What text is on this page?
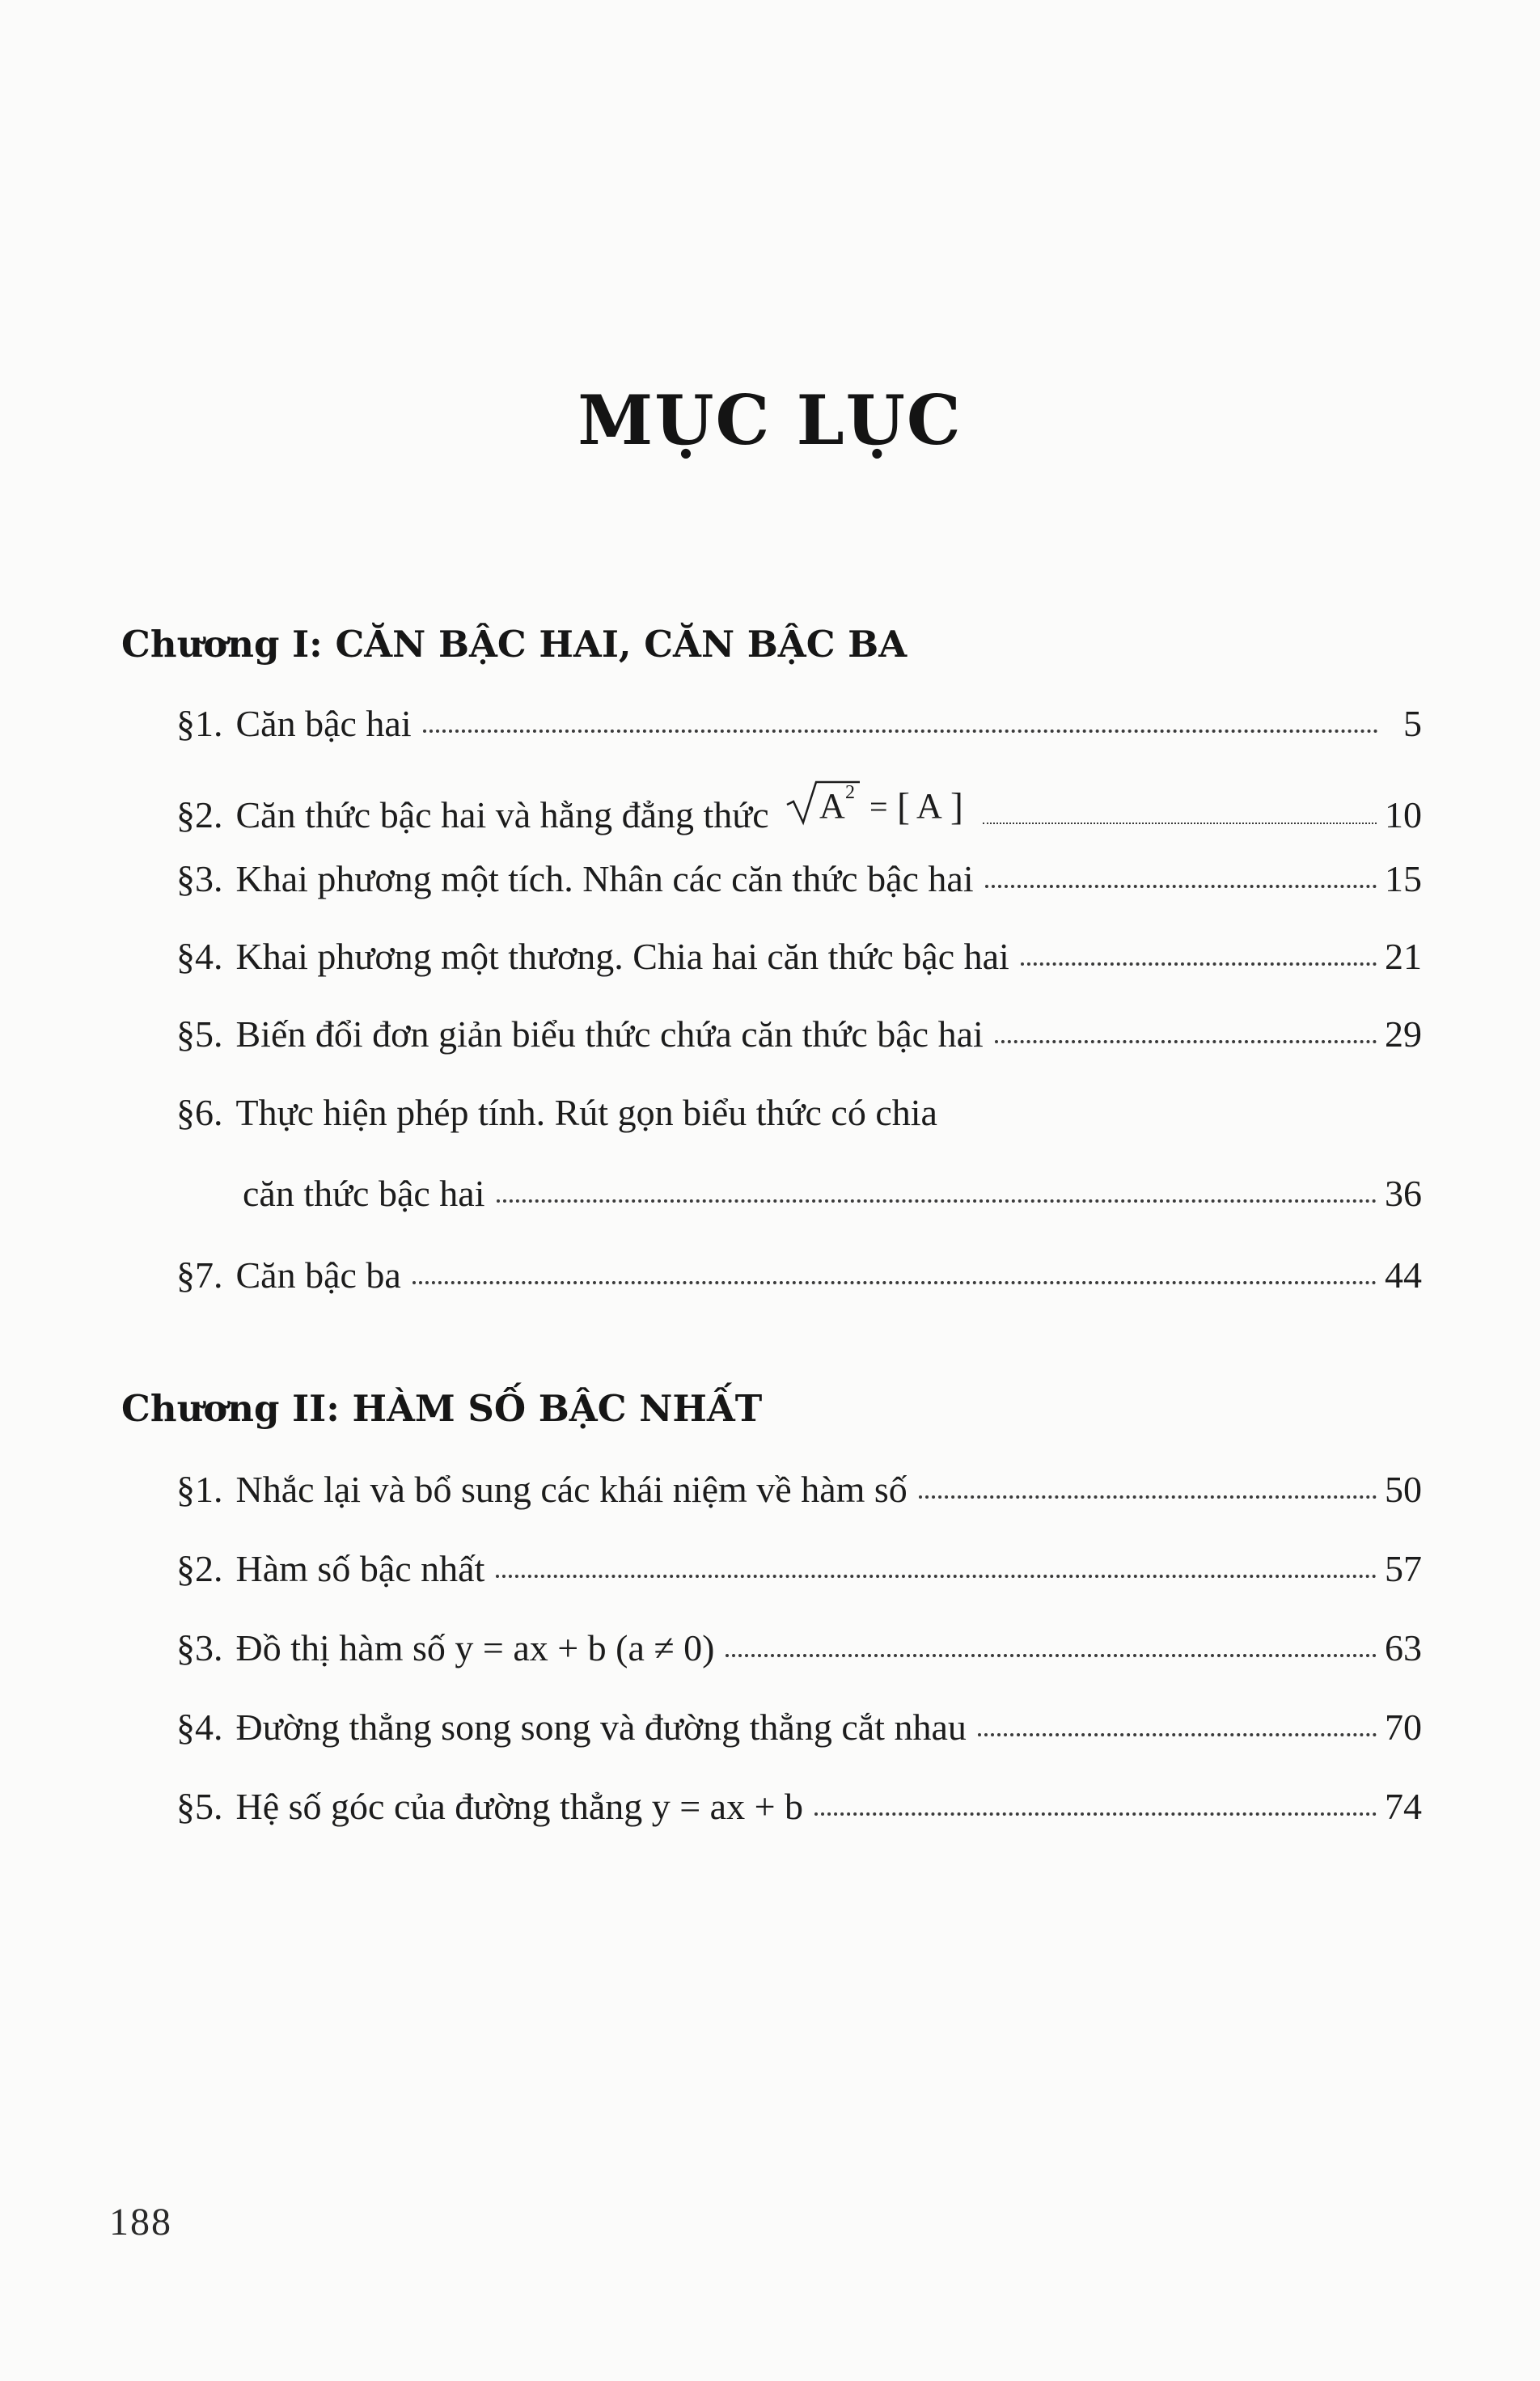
MỤC LỤC
Chương I: CĂN BẬC HAI, CĂN BẬC BA
§1. Căn bậc hai	5
§2. Căn thức bậc hai và hằng đẳng thức A 2 = [ A ]	10
§3. Khai phương một tích. Nhân các căn thức bậc hai	15
§4. Khai phương một thương. Chia hai căn thức bậc hai	21
§5. Biến đổi đơn giản biểu thức chứa căn thức bậc hai	29
§6. Thực hiện phép tính. Rút gọn biểu thức có chia
căn thức bậc hai	36
§7. Căn bậc ba	44
Chương II: HÀM SỐ BẬC NHẤT
§1. Nhắc lại và bổ sung các khái niệm về hàm số	50
§2. Hàm số bậc nhất	57
§3. Đồ thị hàm số y = ax + b (a ≠ 0)	63
§4. Đường thẳng song song và đường thẳng cắt nhau	70
§5. Hệ số góc của đường thẳng y = ax + b	74
188
